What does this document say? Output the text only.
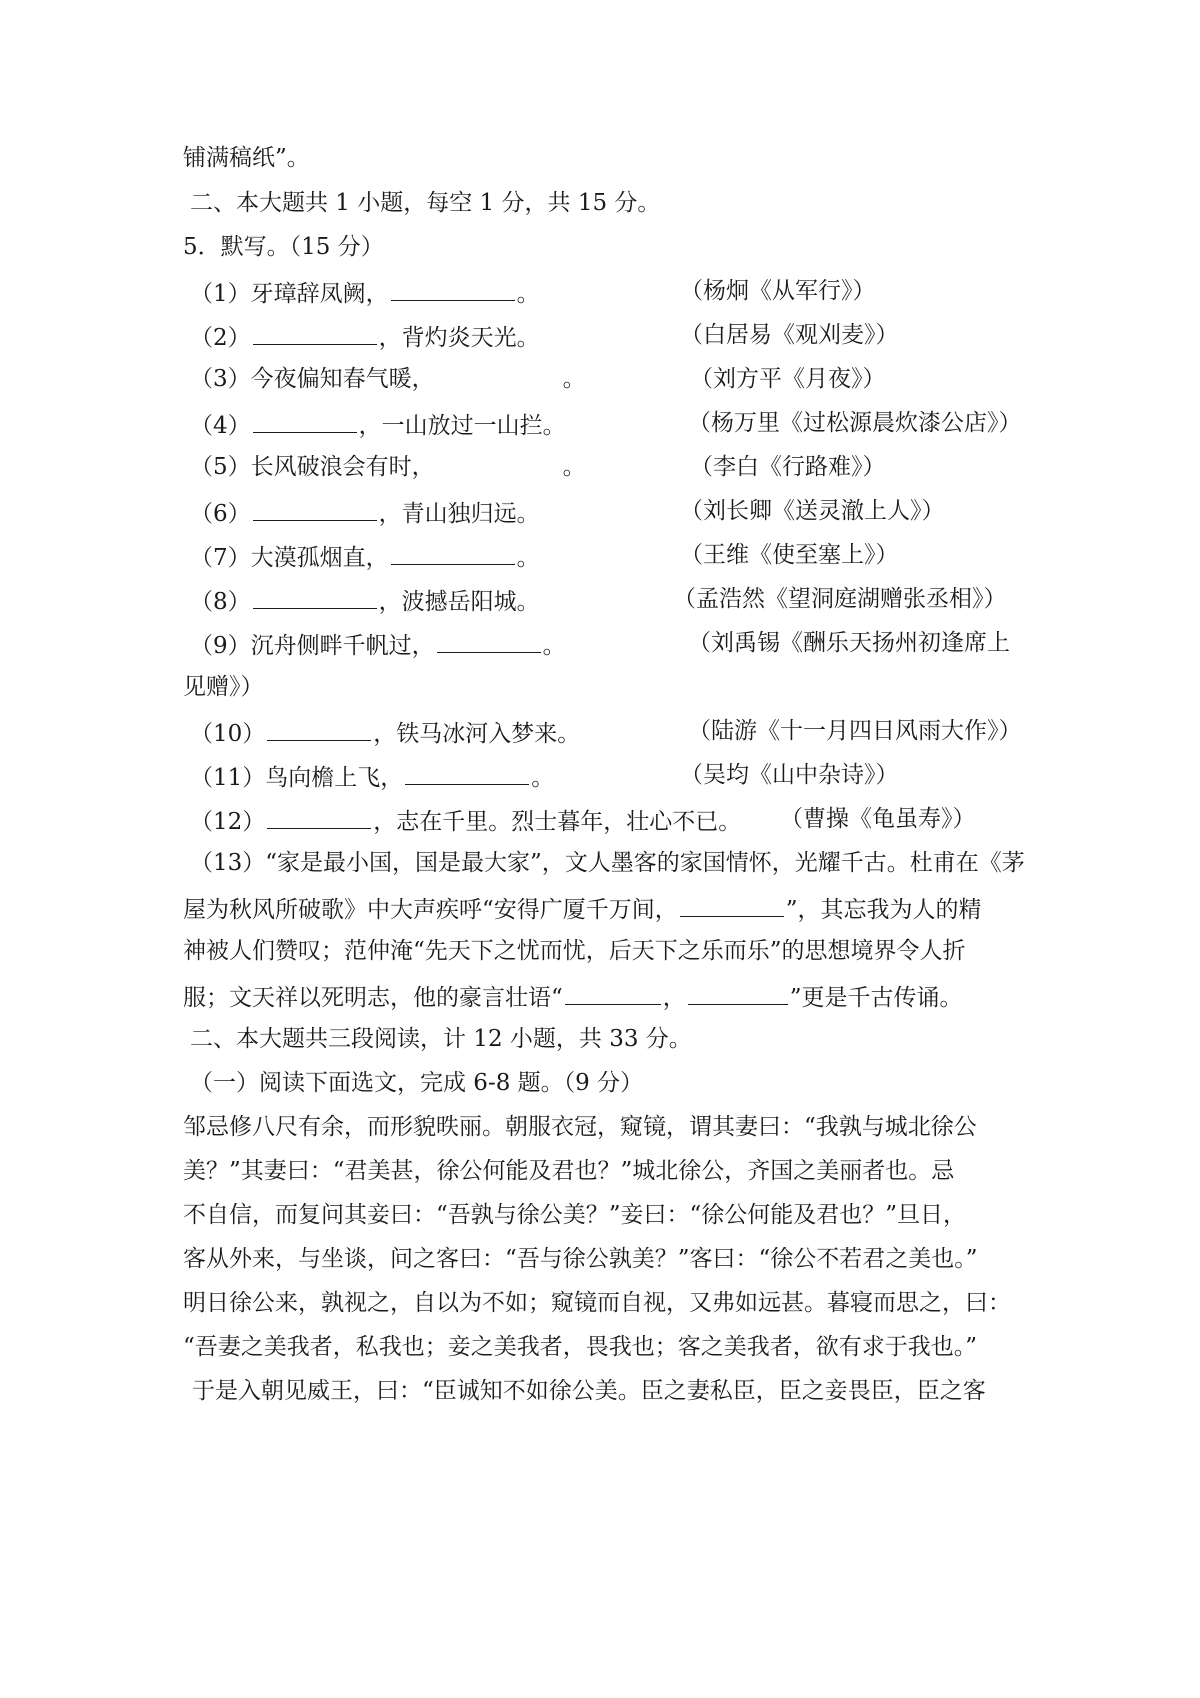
铺满稿纸”。
二、本大题共 1 小题，每空 1 分，共 15 分。
5．默写。（15 分）
（1）牙璋辞凤阙，	。	（杨炯《从军行》）
（2）	，背灼炎天光。	（白居易《观刈麦》）
（3）今夜偏知春气暖，	。	（刘方平《月夜》）
（4）	，一山放过一山拦。	（杨万里《过松源晨炊漆公店》）
（5）长风破浪会有时，	。	（李白《行路难》）
（6）	，青山独归远。	（刘长卿《送灵澈上人》）
（7）大漠孤烟直，	。	（王维《使至塞上》）
（8）	，波撼岳阳城。	（孟浩然《望洞庭湖赠张丞相》）
（9）沉舟侧畔千帆过，	。	（刘禹锡《酬乐天扬州初逢席上
见赠》）
（10）	，铁马冰河入梦来。	（陆游《十一月四日风雨大作》）
（11）鸟向檐上飞，	。	（吴均《山中杂诗》）
（12）	，志在千里。烈士暮年，壮心不已。 （曹操《龟虽寿》）
（13）“家是最小国，国是最大家”，文人墨客的家国情怀，光耀千古。杜甫在《茅
屋为秋风所破歌》中大声疾呼“安得广厦千万间，	”，其忘我为人的精
神被人们赞叹；范仲淹“先天下之忧而忧，后天下之乐而乐”的思想境界令人折
服；文天祥以死明志，他的豪言壮语“	，	”更是千古传诵。
二、本大题共三段阅读，计 12 小题，共 33 分。
（一）阅读下面选文，完成 6-8 题。（9 分）
邹忌修八尺有余，而形貌昳丽。朝服衣冠，窥镜，谓其妻曰：“我孰与城北徐公
美？”其妻曰：“君美甚，徐公何能及君也？”城北徐公，齐国之美丽者也。忌
不自信，而复问其妾曰：“吾孰与徐公美？”妾曰：“徐公何能及君也？”旦日，
客从外来，与坐谈，问之客曰：“吾与徐公孰美？”客曰：“徐公不若君之美也。”
明日徐公来，孰视之，自以为不如；窥镜而自视，又弗如远甚。暮寝而思之，曰：
“吾妻之美我者，私我也；妾之美我者，畏我也；客之美我者，欲有求于我也。”
于是入朝见威王，曰：“臣诚知不如徐公美。臣之妻私臣，臣之妾畏臣，臣之客
